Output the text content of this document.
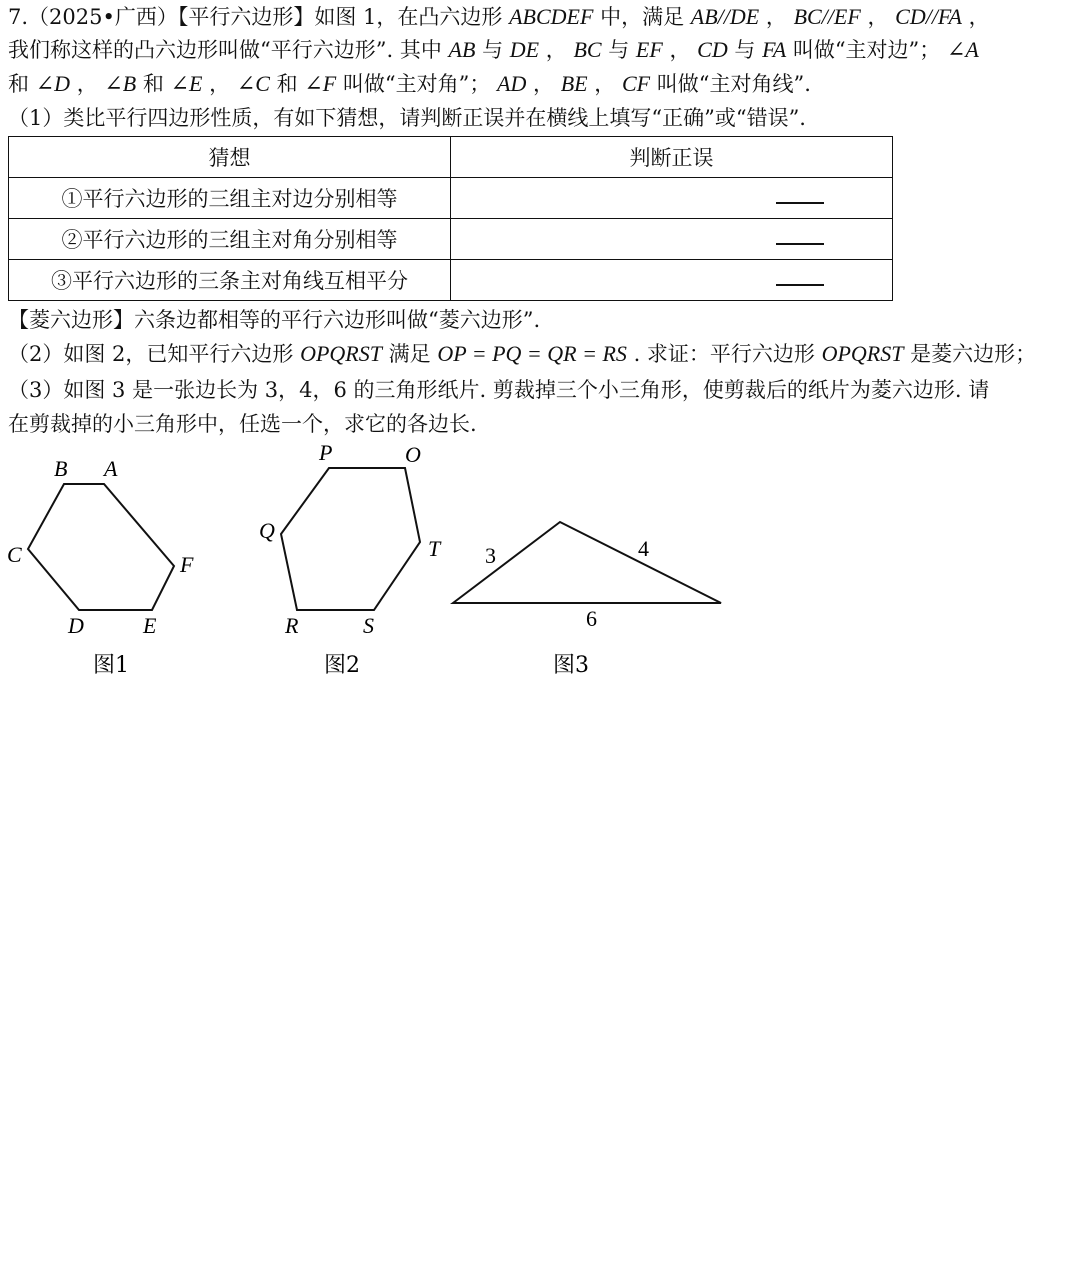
7.（2025•广西）【平行六边形】如图 1，在凸六边形 ABCDEF 中，满足 AB//DE ， BC//EF ， CD//FA ，
我们称这样的凸六边形叫做“平行六边形”. 其中 AB 与 DE ， BC 与 EF ， CD 与 FA 叫做“主对边”； ∠A
和 ∠D ， ∠B 和 ∠E ， ∠C 和 ∠F 叫做“主对角”； AD ， BE ， CF 叫做“主对角线”.
（1）类比平行四边形性质，有如下猜想，请判断正误并在横线上填写“正确”或“错误”.
猜想	判断正误
①平行六边形的三组主对边分别相等	
②平行六边形的三组主对角分别相等	
③平行六边形的三条主对角线互相平分	
【菱六边形】六条边都相等的平行六边形叫做“菱六边形”.
（2）如图 2，已知平行六边形 OPQRST 满足 OP = PQ = QR = RS . 求证：平行六边形 OPQRST 是菱六边形；
（3）如图 3 是一张边长为 3，4，6 的三角形纸片. 剪裁掉三个小三角形，使剪裁后的纸片为菱六边形. 请
在剪裁掉的小三角形中，任选一个，求它的各边长.
B A
C	F
D	E
图1
P	O
Q
T
R	S
图2
3	4
6
图3
